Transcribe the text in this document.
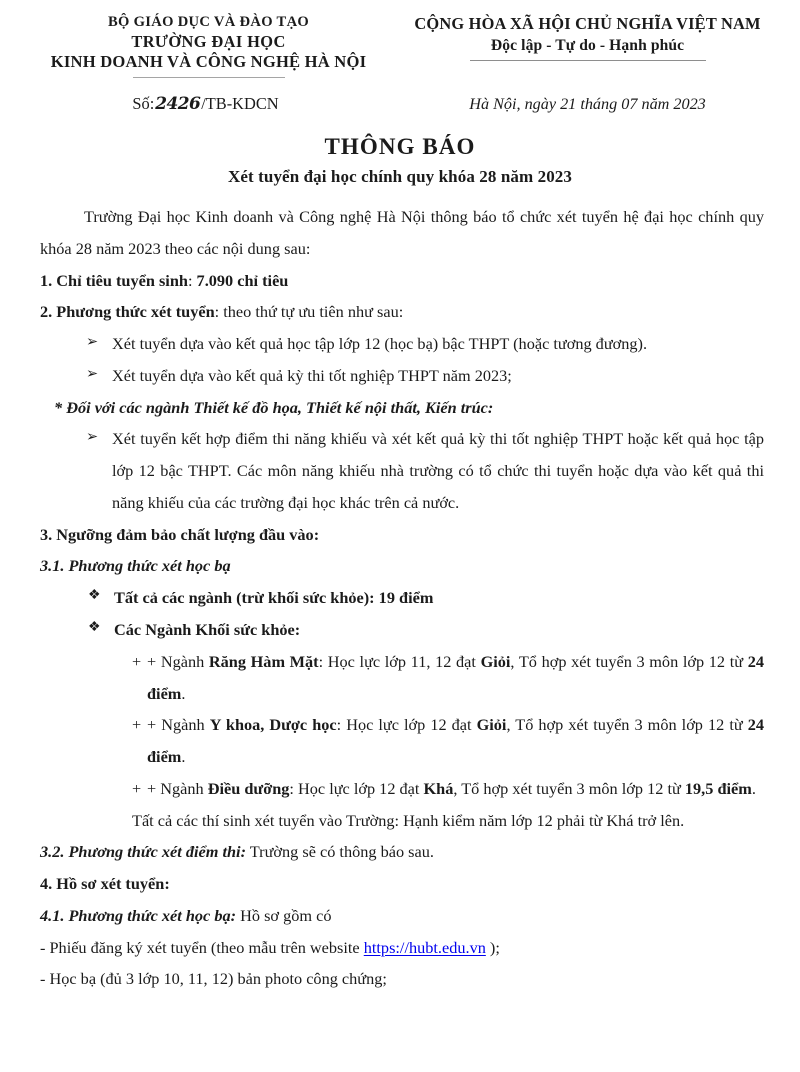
BỘ GIÁO DỤC VÀ ĐÀO TẠO
TRƯỜNG ĐẠI HỌC
KINH DOANH VÀ CÔNG NGHỆ HÀ NỘI
CỘNG HÒA XÃ HỘI CHỦ NGHĨA VIỆT NAM
Độc lập - Tự do - Hạnh phúc
Số:2426/TB-KDCN	Hà Nội, ngày 21 tháng 07 năm 2023
THÔNG BÁO
Xét tuyển đại học chính quy khóa 28 năm 2023
Trường Đại học Kinh doanh và Công nghệ Hà Nội thông báo tổ chức xét tuyển hệ đại học chính quy khóa 28 năm 2023 theo các nội dung sau:
1. Chỉ tiêu tuyển sinh: 7.090 chỉ tiêu
2. Phương thức xét tuyển: theo thứ tự ưu tiên như sau:
➢ Xét tuyển dựa vào kết quả học tập lớp 12 (học bạ) bậc THPT (hoặc tương đương).
➢ Xét tuyển dựa vào kết quả kỳ thi tốt nghiệp THPT năm 2023;
* Đối với các ngành Thiết kế đồ họa, Thiết kế nội thất, Kiến trúc:
➢ Xét tuyển kết hợp điểm thi năng khiếu và xét kết quả kỳ thi tốt nghiệp THPT hoặc kết quả học tập lớp 12 bậc THPT. Các môn năng khiếu nhà trường có tổ chức thi tuyển hoặc dựa vào kết quả thi năng khiếu của các trường đại học khác trên cả nước.
3. Ngưỡng đảm bảo chất lượng đầu vào:
3.1. Phương thức xét học bạ
❖ Tất cả các ngành (trừ khối sức khỏe): 19 điểm
❖ Các Ngành Khối sức khỏe:
+ + Ngành Răng Hàm Mặt: Học lực lớp 11, 12 đạt Giỏi, Tổ hợp xét tuyển 3 môn lớp 12 từ 24 điểm.
+ + Ngành Y khoa, Dược học: Học lực lớp 12 đạt Giỏi, Tổ hợp xét tuyển 3 môn lớp 12 từ 24 điểm.
+ + Ngành Điều dưỡng: Học lực lớp 12 đạt Khá, Tổ hợp xét tuyển 3 môn lớp 12 từ 19,5 điểm.
Tất cả các thí sinh xét tuyển vào Trường: Hạnh kiểm năm lớp 12 phải từ Khá trở lên.
3.2. Phương thức xét điểm thi: Trường sẽ có thông báo sau.
4. Hồ sơ xét tuyển:
4.1. Phương thức xét học bạ: Hồ sơ gồm có
- Phiếu đăng ký xét tuyển (theo mẫu trên website https://hubt.edu.vn );
- Học bạ (đủ 3 lớp 10, 11, 12) bản photo công chứng;
